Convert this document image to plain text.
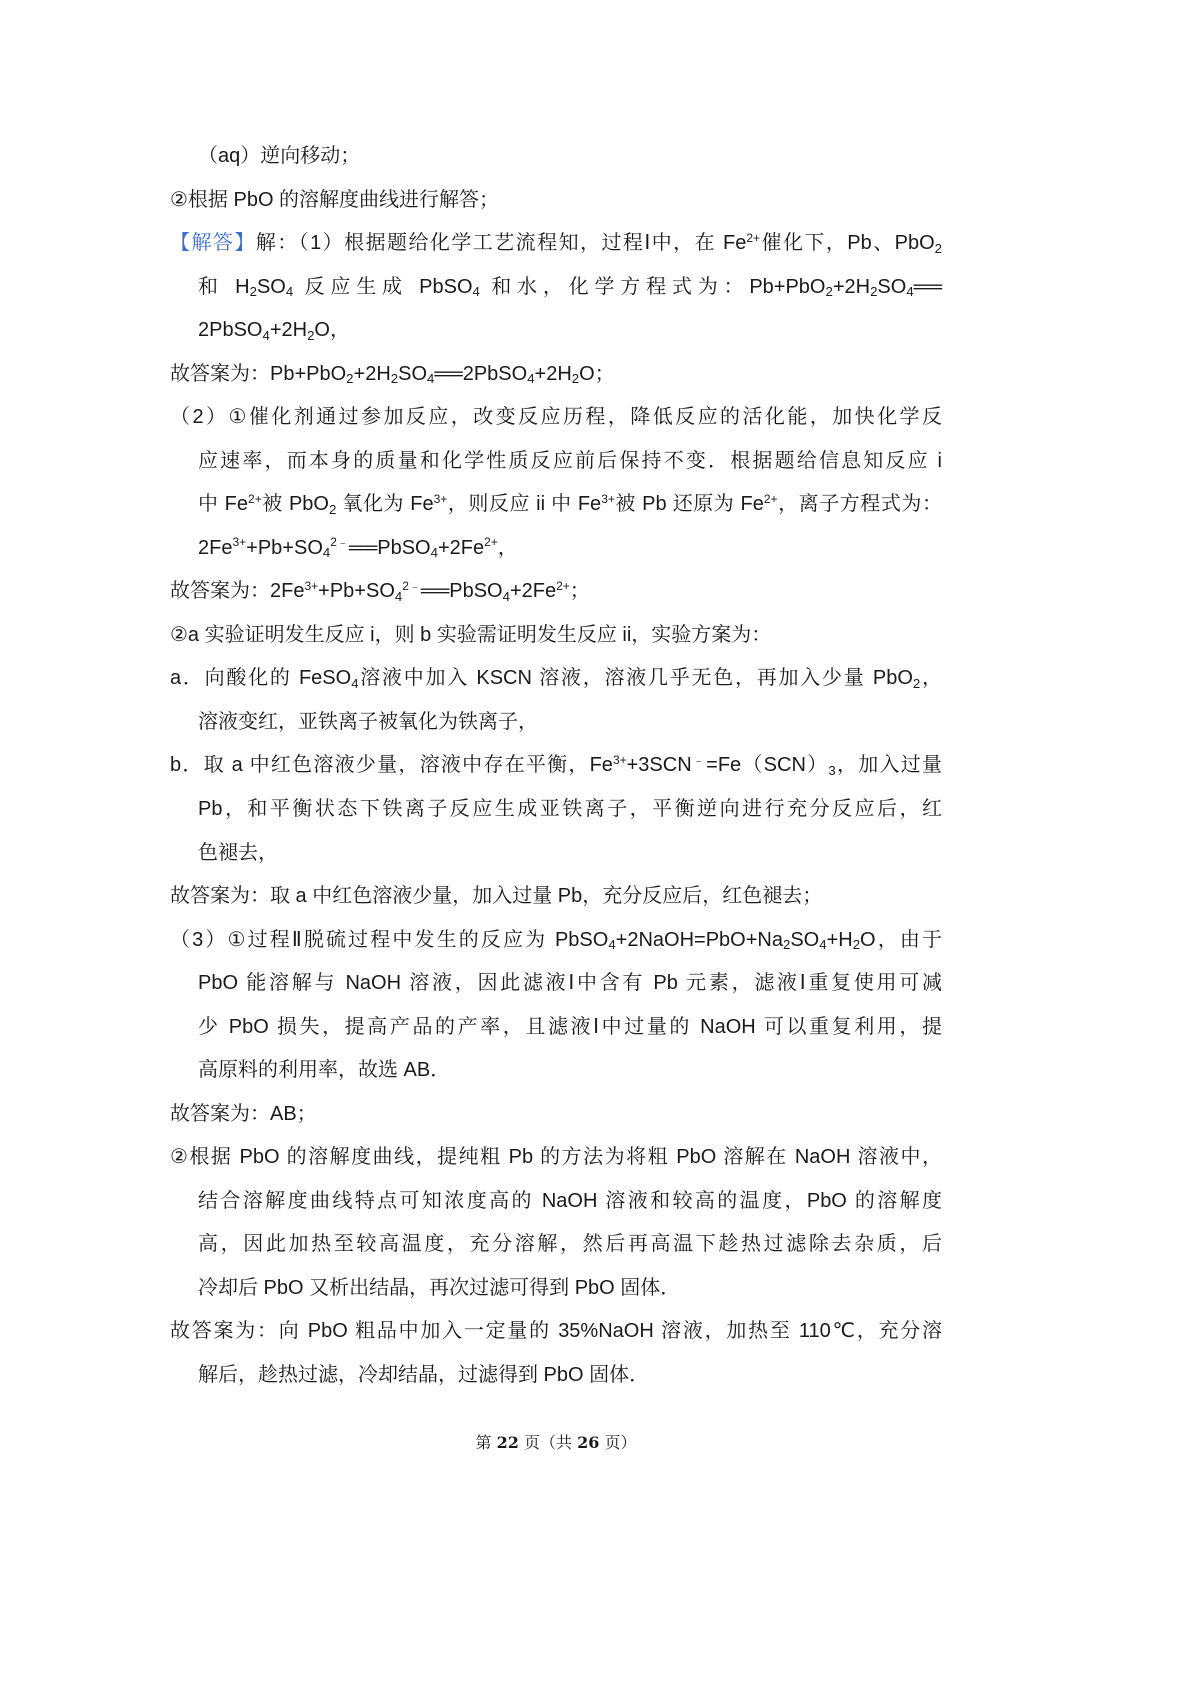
（aq）逆向移动；
②根据 PbO 的溶解度曲线进行解答；
【解答】解：（1）根据题给化学工艺流程知，过程Ⅰ中，在 $Fe^{2+}$催化下，Pb、PbO$_2$
和 $H_2SO_4$ 反应生成 PbSO$_4$ 和水，化学方程式为：$Pb+PbO_2+2H_2SO_4══$
$2PbSO_4+2H_2O$，
故答案为：$Pb+PbO_2+2H_2SO_4══2PbSO_4+2H_2O$；
（2）①催化剂通过参加反应，改变反应历程，降低反应的活化能，加快化学反
应速率，而本身的质量和化学性质反应前后保持不变．根据题给信息知反应 i
中 $Fe^{2+}$被 PbO$_2$ 氧化为 $Fe^{3+}$，则反应 ii 中 $Fe^{3+}$被 Pb 还原为 $Fe^{2+}$，离子方程式为：
$2Fe^{3+}+Pb+SO_4^{2﹣}══PbSO_4+2Fe^{2+}$，
故答案为：$2Fe^{3+}+Pb+SO_4^{2﹣}══PbSO_4+2Fe^{2+}$；
②a 实验证明发生反应 i，则 b 实验需证明发生反应 ii，实验方案为：
a．向酸化的 FeSO$_4$溶液中加入 KSCN 溶液，溶液几乎无色，再加入少量 PbO$_2$，
溶液变红，亚铁离子被氧化为铁离子，
b．取 a 中红色溶液少量，溶液中存在平衡，$Fe^{3+}+3SCN^﹣=Fe(SCN)_3$，加入过量
Pb，和平衡状态下铁离子反应生成亚铁离子，平衡逆向进行充分反应后，红
色褪去，
故答案为：取 a 中红色溶液少量，加入过量 Pb，充分反应后，红色褪去；
（3）①过程Ⅱ脱硫过程中发生的反应为 $PbSO_4+2NaOH=PbO+Na_2SO_4+H_2O$，由于
PbO 能溶解与 NaOH 溶液，因此滤液Ⅰ中含有 Pb 元素，滤液Ⅰ重复使用可减
少 PbO 损失，提高产品的产率，且滤液Ⅰ中过量的 NaOH 可以重复利用，提
高原料的利用率，故选 AB．
故答案为：AB；
②根据 PbO 的溶解度曲线，提纯粗 Pb 的方法为将粗 PbO 溶解在 NaOH 溶液中，
结合溶解度曲线特点可知浓度高的 NaOH 溶液和较高的温度，PbO 的溶解度
高，因此加热至较高温度，充分溶解，然后再高温下趁热过滤除去杂质，后
冷却后 PbO 又析出结晶，再次过滤可得到 PbO 固体．
故答案为：向 PbO 粗品中加入一定量的 35%NaOH 溶液，加热至 110℃，充分溶
解后，趁热过滤，冷却结晶，过滤得到 PbO 固体．
第 22 页（共 26 页）
